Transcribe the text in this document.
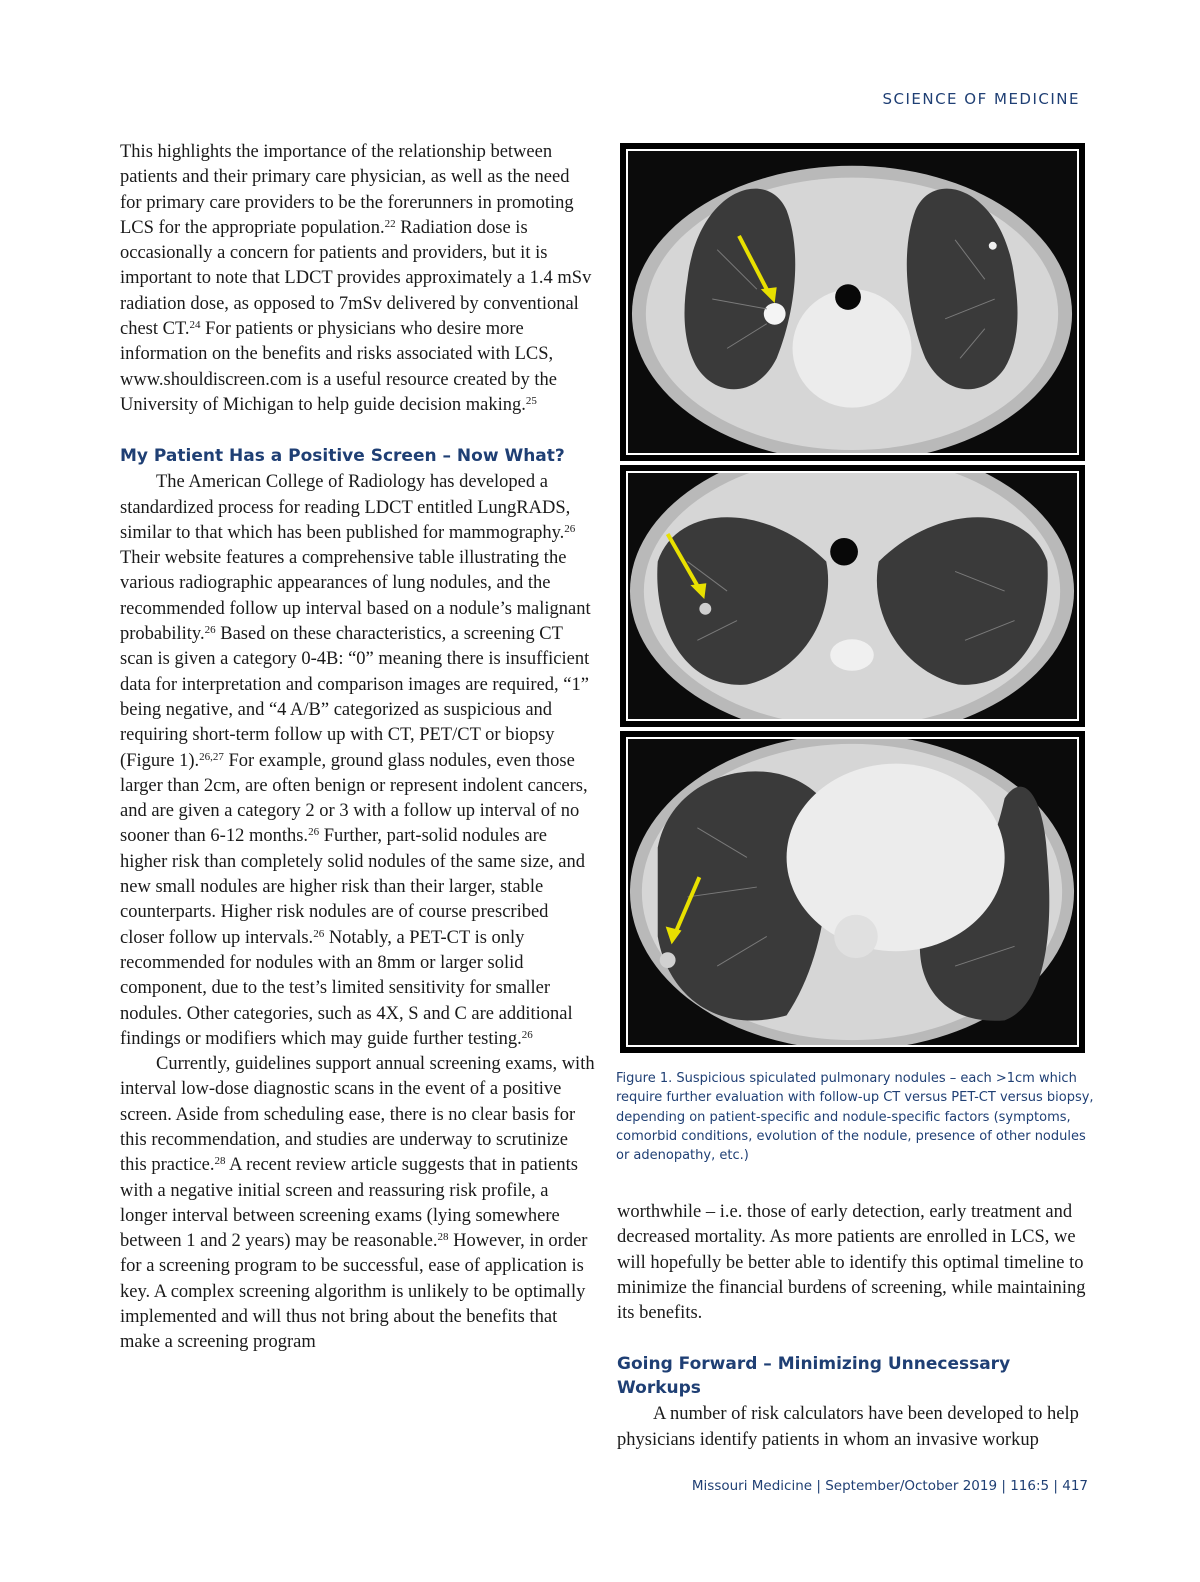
SCIENCE OF MEDICINE

This highlights the importance of the relationship between patients and their primary care physician, as well as the need for primary care providers to be the forerunners in promoting LCS for the appropriate population.$^{22}$ Radiation dose is occasionally a concern for patients and providers, but it is important to note that LDCT provides approximately a 1.4 mSv radiation dose, as opposed to 7mSv delivered by conventional chest CT.$^{24}$ For patients or physicians who desire more information on the benefits and risks associated with LCS, www.shouldiscreen.com is a useful resource created by the University of Michigan to help guide decision making.$^{25}$

My Patient Has a Positive Screen – Now What?

The American College of Radiology has developed a standardized process for reading LDCT entitled LungRADS, similar to that which has been published for mammography.$^{26}$ Their website features a comprehensive table illustrating the various radiographic appearances of lung nodules, and the recommended follow up interval based on a nodule’s malignant probability.$^{26}$ Based on these characteristics, a screening CT scan is given a category 0-4B: “0” meaning there is insufficient data for interpretation and comparison images are required, “1” being negative, and “4 A/B” categorized as suspicious and requiring short-term follow up with CT, PET/CT or biopsy (Figure 1).$^{26,27}$ For example, ground glass nodules, even those larger than 2cm, are often benign or represent indolent cancers, and are given a category 2 or 3 with a follow up interval of no sooner than 6-12 months.$^{26}$ Further, part-solid nodules are higher risk than completely solid nodules of the same size, and new small nodules are higher risk than their larger, stable counterparts. Higher risk nodules are of course prescribed closer follow up intervals.$^{26}$ Notably, a PET-CT is only recommended for nodules with an 8mm or larger solid component, due to the test’s limited sensitivity for smaller nodules. Other categories, such as 4X, S and C are additional findings or modifiers which may guide further testing.$^{26}$

Currently, guidelines support annual screening exams, with interval low-dose diagnostic scans in the event of a positive screen. Aside from scheduling ease, there is no clear basis for this recommendation, and studies are underway to scrutinize this practice.$^{28}$ A recent review article suggests that in patients with a negative initial screen and reassuring risk profile, a longer interval between screening exams (lying somewhere between 1 and 2 years) may be reasonable.$^{28}$ However, in order for a screening program to be successful, ease of application is key. A complex screening algorithm is unlikely to be optimally implemented and will thus not bring about the benefits that make a screening program

Figure 1. Suspicious spiculated pulmonary nodules – each >1cm which require further evaluation with follow-up CT versus PET-CT versus biopsy, depending on patient-specific and nodule-specific factors (symptoms, comorbid conditions, evolution of the nodule, presence of other nodules or adenopathy, etc.)

worthwhile – i.e. those of early detection, early treatment and decreased mortality. As more patients are enrolled in LCS, we will hopefully be better able to identify this optimal timeline to minimize the financial burdens of screening, while maintaining its benefits.

Going Forward – Minimizing Unnecessary Workups

A number of risk calculators have been developed to help physicians identify patients in whom an invasive workup

Missouri Medicine | September/October 2019 | 116:5 | 417
